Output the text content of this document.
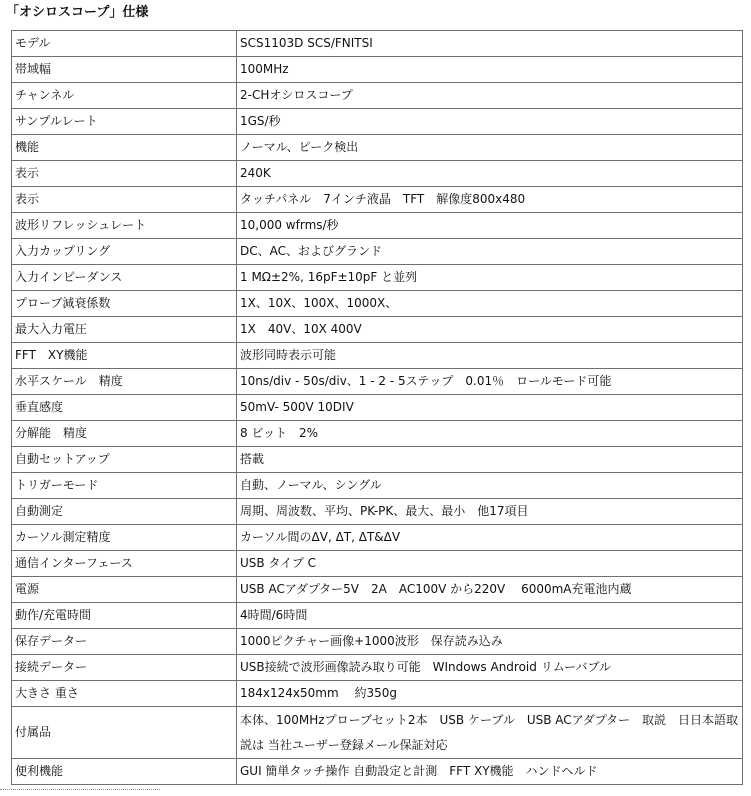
「オシロスコープ」仕様
モデル	SCS1103D SCS/FNITSI
帯域幅	100MHz
チャンネル	2-CHオシロスコープ
サンプルレート	1GS/秒
機能	ノーマル、ピーク検出
表示	240K
表示	タッチパネル　7インチ液晶　TFT　解像度800x480
波形リフレッシュレート	10,000 wfrms/秒
入力カップリング	DC、AC、およびグランド
入力インピーダンス	1 MΩ±2%, 16pF±10pF と並列
プローブ減衰係数	1X、10X、100X、1000X、
最大入力電圧	1X　40V、10X 400V
FFT　XY機能	波形同時表示可能
水平スケール　精度	10ns/div - 50s/div、1 - 2 - 5ステップ　0.01％　ロールモード可能
垂直感度	50mV- 500V 10DIV
分解能　精度	8 ビット　2%
自動セットアップ	搭載
トリガーモード	自動、ノーマル、シングル
自動測定	周期、周波数、平均、PK-PK、最大、最小　他17項目
カーソル測定精度	カーソル間のΔV, ΔT, ΔT&ΔV
通信インターフェース	USB タイプ C
電源	USB ACアダプター5V　2A　AC100V から220V　 6000mA充電池内蔵
動作/充電時間	4時間/6時間
保存データー	1000ピクチャー画像+1000波形　保存読み込み
接続データー	USB接続で波形画像読み取り可能　WIndows Android リムーバブル
大きさ 重さ	184x124x50mm　 約350g
付属品	本体、100MHzプローブセット2本　USB ケーブル　USB ACアダプター　取説　日日本語取説は 当社ユーザー登録メール保証対応
便利機能	GUI 簡単タッチ操作 自動設定と計測　FFT XY機能　ハンドヘルド
